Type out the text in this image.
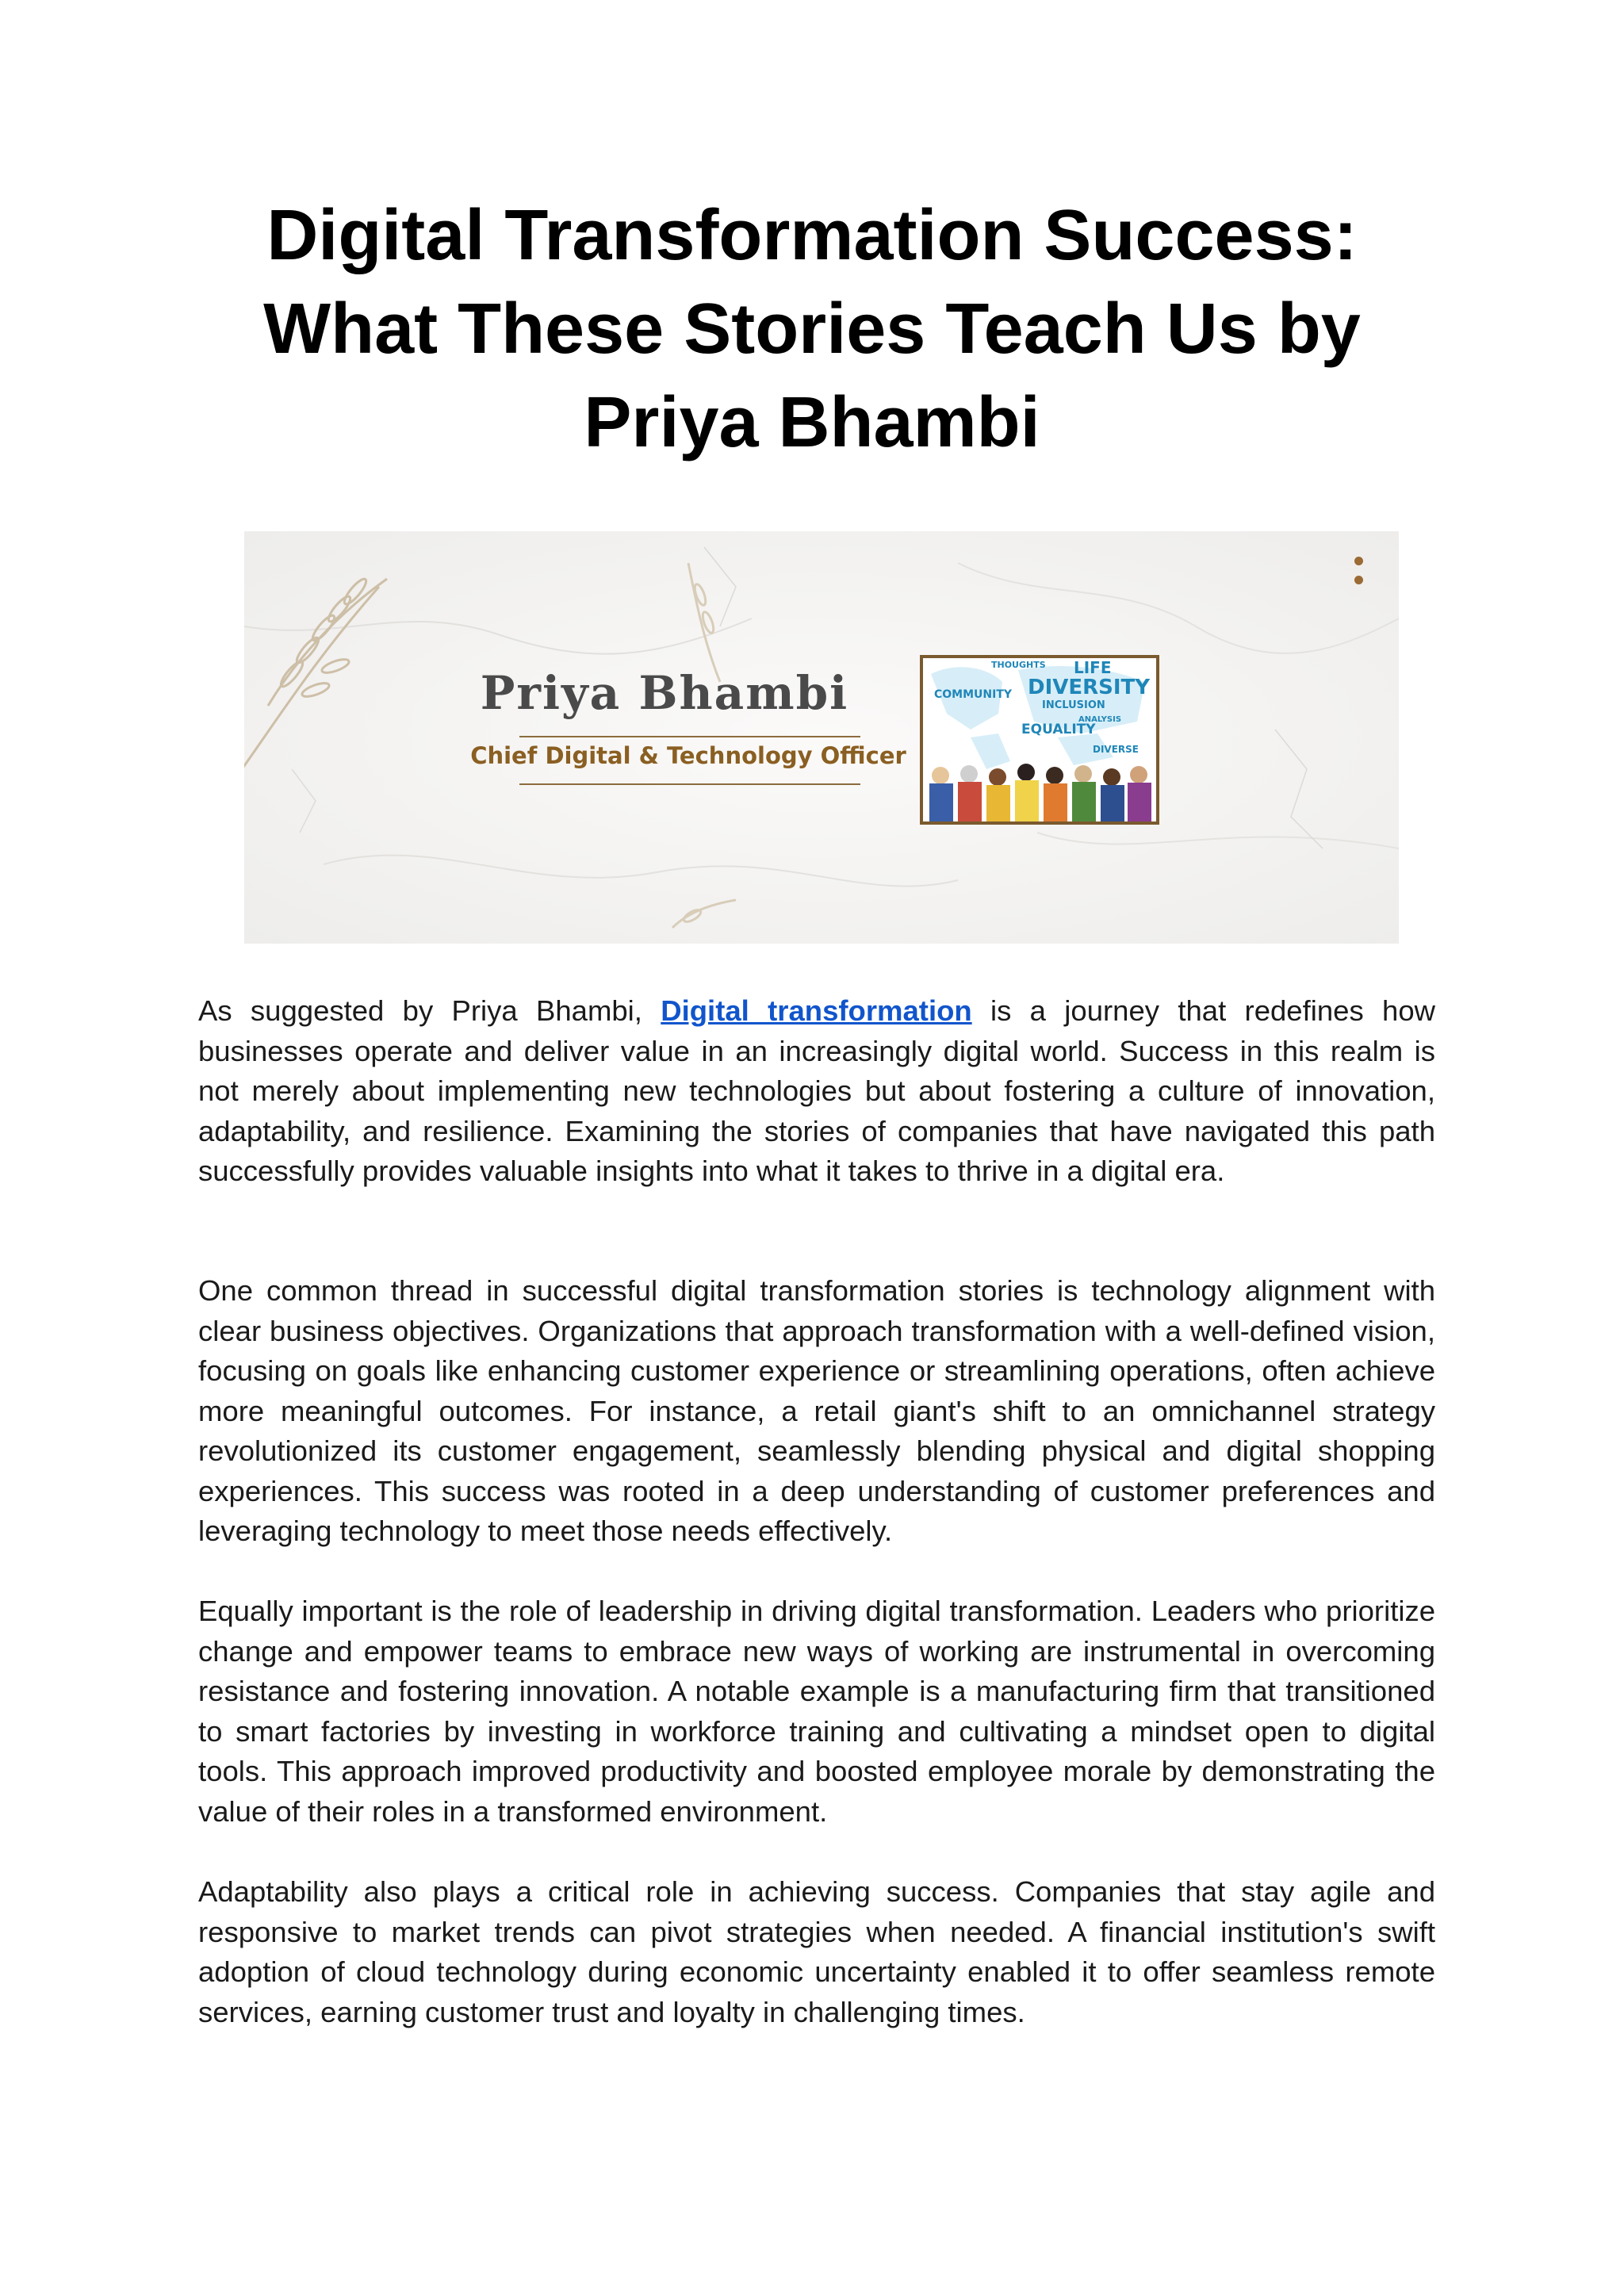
Digital Transformation Success: What These Stories Teach Us by Priya Bhambi
Priya Bhambi
Chief Digital & Technology Officer
THOUGHTS LIFE
COMMUNITY DIVERSITY
INCLUSION
EQUALITY
ANALYSIS
DIVERSE

As suggested by Priya Bhambi, Digital transformation is a journey that redefines how businesses operate and deliver value in an increasingly digital world. Success in this realm is not merely about implementing new technologies but about fostering a culture of innovation, adaptability, and resilience. Examining the stories of companies that have navigated this path successfully provides valuable insights into what it takes to thrive in a digital era.

One common thread in successful digital transformation stories is technology alignment with clear business objectives. Organizations that approach transformation with a well-defined vision, focusing on goals like enhancing customer experience or streamlining operations, often achieve more meaningful outcomes. For instance, a retail giant's shift to an omnichannel strategy revolutionized its customer engagement, seamlessly blending physical and digital shopping experiences. This success was rooted in a deep understanding of customer preferences and leveraging technology to meet those needs effectively.

Equally important is the role of leadership in driving digital transformation. Leaders who prioritize change and empower teams to embrace new ways of working are instrumental in overcoming resistance and fostering innovation. A notable example is a manufacturing firm that transitioned to smart factories by investing in workforce training and cultivating a mindset open to digital tools. This approach improved productivity and boosted employee morale by demonstrating the value of their roles in a transformed environment.

Adaptability also plays a critical role in achieving success. Companies that stay agile and responsive to market trends can pivot strategies when needed. A financial institution's swift adoption of cloud technology during economic uncertainty enabled it to offer seamless remote services, earning customer trust and loyalty in challenging times.
